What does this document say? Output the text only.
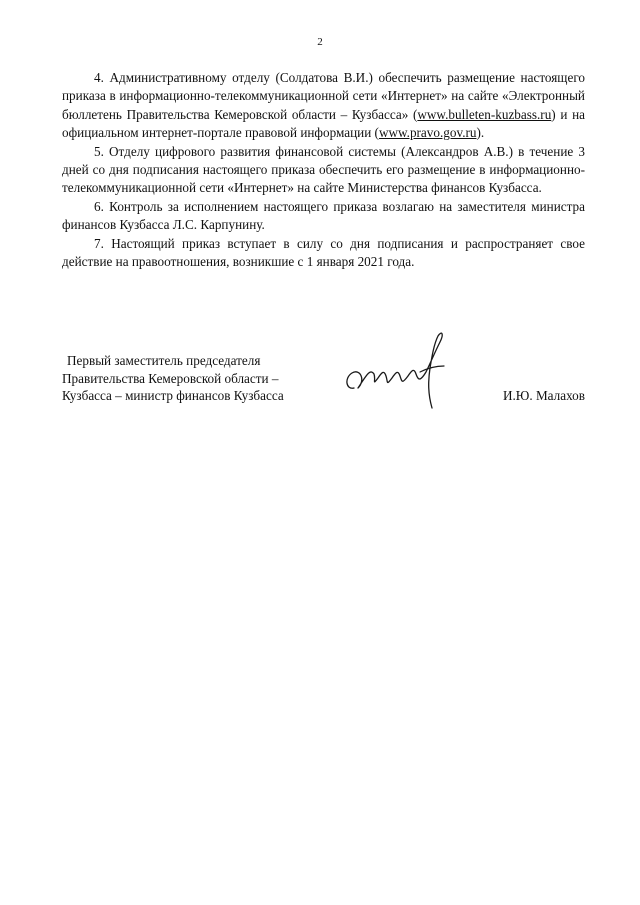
2

4. Административному отделу (Солдатова В.И.) обеспечить размещение настоящего приказа в информационно-телекоммуникационной сети «Интернет» на сайте «Электронный бюллетень Правительства Кемеровской области – Кузбасса» (www.bulleten-kuzbass.ru) и на официальном интернет-портале правовой информации (www.pravo.gov.ru).

5. Отделу цифрового развития финансовой системы (Александров А.В.) в течение 3 дней со дня подписания настоящего приказа обеспечить его размещение в информационно-телекоммуникационной сети «Интернет» на сайте Министерства финансов Кузбасса.

6. Контроль за исполнением настоящего приказа возлагаю на заместителя министра финансов Кузбасса Л.С. Карпунину.

7. Настоящий приказ вступает в силу со дня подписания и распространяет свое действие на правоотношения, возникшие с 1 января 2021 года.

Первый заместитель председателя
Правительства Кемеровской области –
Кузбасса – министр финансов Кузбасса	И.Ю. Малахов
